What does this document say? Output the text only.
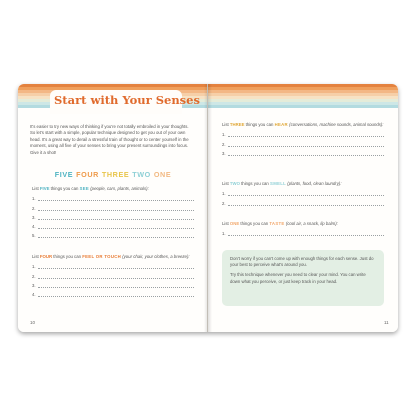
Start with Your Senses
It's easier to try new ways of thinking if you're not totally embroiled in your thoughts. So let's start with a simple, popular technique designed to get you out of your own head. It's a great way to derail a stressful train of thought or to center yourself in the moment, using all five of your senses to bring your present surroundings into focus. Give it a shot!
FIVE FOUR THREE TWO ONE
List FIVE things you can SEE (people, cars, plants, animals):
1.
2.
3.
4.
5.
List FOUR things you can FEEL OR TOUCH (your chair, your clothes, a breeze):
1.
2.
3.
4.
10
List THREE things you can HEAR (conversations, machine sounds, animal sounds):
1.
2.
3.
List TWO things you can SMELL (plants, food, clean laundry):
1.
2.
List ONE things you can TASTE (cool air, a snack, lip balm):
1.

Don't worry if you can't come up with enough things for each sense. Just do your best to perceive what's around you.

Try this technique whenever you need to clear your mind. You can write down what you perceive, or just keep track in your head.

11
